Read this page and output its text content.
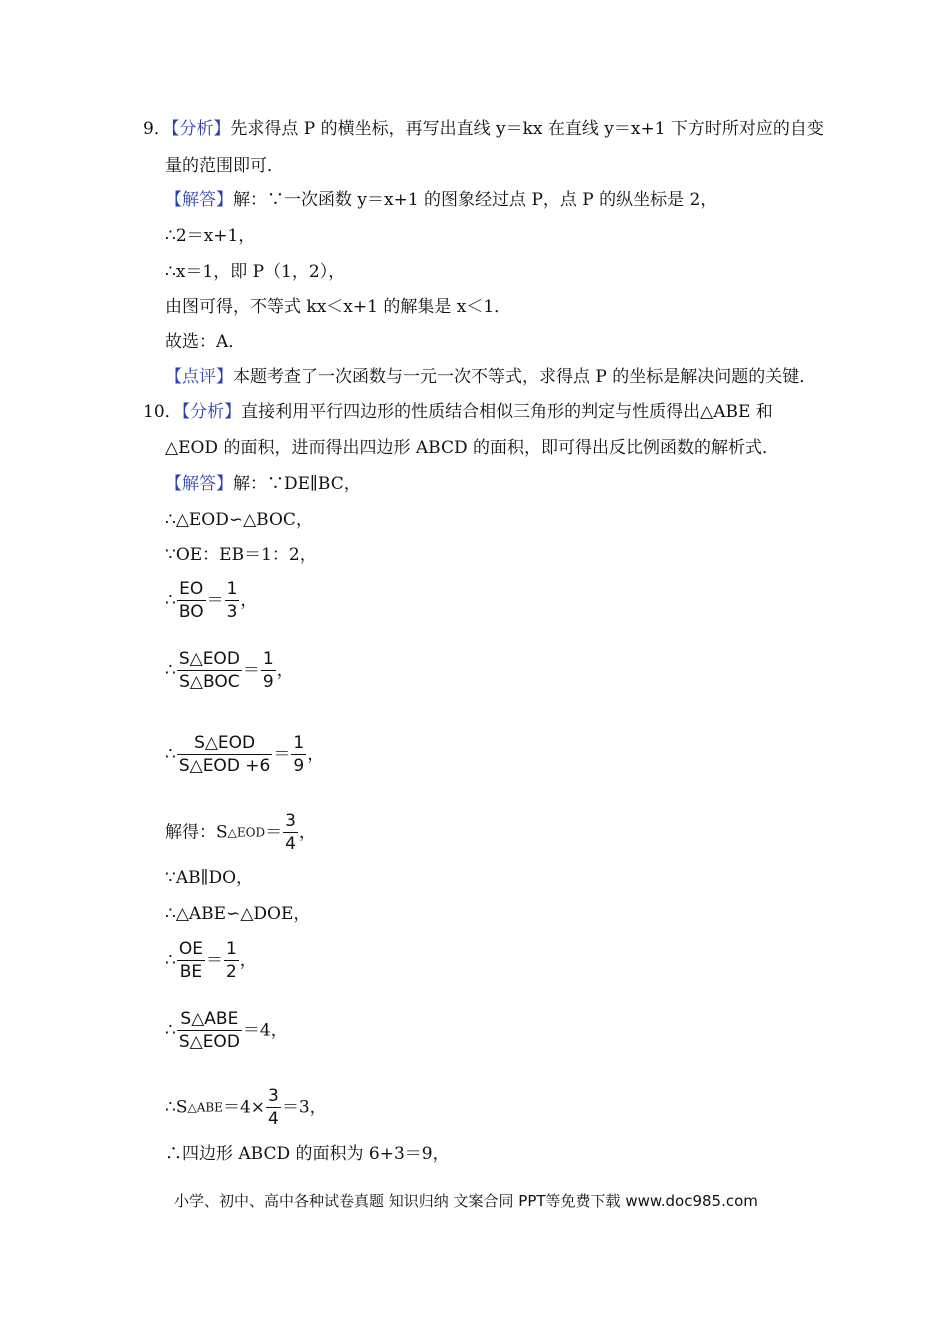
9．【分析】先求得点 P 的横坐标，再写出直线 y＝kx 在直线 y＝x+1 下方时所对应的自变
量的范围即可．
【解答】解：∵一次函数 y＝x+1 的图象经过点 P，点 P 的纵坐标是 2，
∴2＝x+1，
∴x＝1，即 P（1，2），
由图可得，不等式 kx＜x+1 的解集是 x＜1．
故选：A．
【点评】本题考查了一次函数与一元一次不等式，求得点 P 的坐标是解决问题的关键．
10．【分析】直接利用平行四边形的性质结合相似三角形的判定与性质得出△ABE 和
△EOD 的面积，进而得出四边形 ABCD 的面积，即可得出反比例函数的解析式．
【解答】解：∵DE∥BC，
∴△EOD∽△BOC，
∵OE：EB＝1：2，
∴ $\frac{EO}{BO} = \frac{1}{3}$ ，
∴ $\frac{\text{S△EOD}}{\text{S△BOC}} = \frac{1}{9}$ ，
∴ $\frac{\text{S△EOD}}{\text{S△EOD +6}} = \frac{1}{9}$ ，
解得：S△EOD＝ $\frac{3}{4}$ ，
∵AB∥DO，
∴△ABE∽△DOE，
∴ $\frac{OE}{BE} = \frac{1}{2}$ ，
∴ $\frac{\text{S△ABE}}{\text{S△EOD}} =4$，
∴S△ABE＝4× $\frac{3}{4} =3$，
∴四边形 ABCD 的面积为 6+3＝9，
小学、初中、高中各种试卷真题 知识归纳 文案合同 PPT等免费下载 www.doc985.com
